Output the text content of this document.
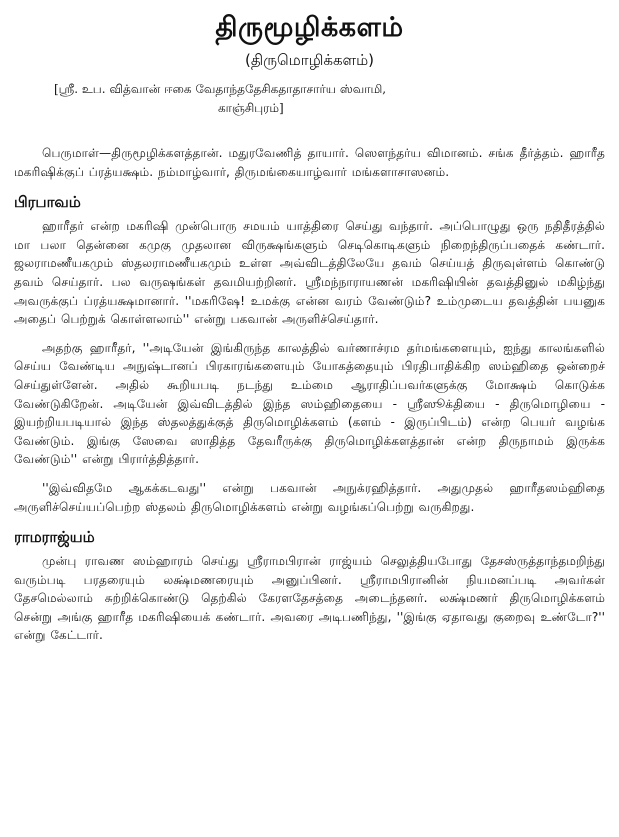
திருமூழிக்களம்
(திருமொழிக்களம்)
[ஸ்ரீ. உப. வித்வான் ஈகை வேதாந்ததேசிகதாதாசார்ய ஸ்வாமி,
காஞ்சிபுரம்]

பெருமாள்—திருமூழிக்களத்தான். மதுரவேணித் தாயார். ஸௌந்தர்ய விமானம். சங்க தீர்த்தம். ஹாரீத மகரிஷிக்குப் ப்ரத்யக்ஷம். நம்மாழ்வார், திருமங்கையாழ்வார் மங்களாசாஸனம்.

பிரபாவம்

ஹாரீதர் என்ற மகரிஷி முன்பொரு சமயம் யாத்திரை செய்து வந்தார். அப்பொழுது ஒரு நதிதீரத்தில் மா பலா தென்னை கமுகு முதலான விருக்ஷங்களும் செடிகொடிகளும் நிறைந்திருப்பதைக் கண்டார். ஜலராமணீயகமும் ஸ்தலராமணீயகமும் உள்ள அவ்விடத்திலேயே தவம் செய்யத் திருவுள்ளம் கொண்டு தவம் செய்தார். பல வருஷங்கள் தவமியற்றினர். ஸ்ரீமந்நாராயணன் மகரிஷியின் தவத்தினுல் மகிழ்ந்து அவருக்குப் ப்ரத்யக்ஷமானார். ''மகரிஷே! உமக்கு என்ன வரம் வேண்டும்? உம்முடைய தவத்தின் பயனுக அதைப் பெற்றுக் கொள்ளலாம்'' என்று பகவான் அருளிச்செய்தார்.

அதற்கு ஹாரீதர், ''அடியேன் இங்கிருந்த காலத்தில் வர்ணாச்ரம தர்மங்களையும், ஐந்து காலங்களில் செய்ய வேண்டிய அநுஷ்டானப் பிரகாரங்களையும் யோகத்தையும் பிரதிபாதிக்கிற ஸம்ஹிதை ஒன்றைச் செய்துள்ளேன். அதில் கூறியபடி நடந்து உம்மை ஆராதிப்பவர்களுக்கு மோக்ஷம் கொடுக்க வேண்டுகிறேன். அடியேன் இவ்விடத்தில் இந்த ஸம்ஹிதையை - ஸ்ரீஸூக்தியை - திருமொழியை - இயற்றியபடியால் இந்த ஸ்தலத்துக்குத் திருமொழிக்களம் (களம் - இருப்பிடம்) என்ற பெயர் வழங்க வேண்டும். இங்கு ஸேவை ஸாதித்த தேவரீருக்கு திருமொழிக்களத்தான் என்ற திருநாமம் இருக்க வேண்டும்'' என்று பிரார்த்தித்தார்.

''இவ்விதமே ஆகக்கடவது'' என்று பகவான் அநுக்ரஹித்தார். அதுமுதல் ஹாரீதஸம்ஹிதை அருளிச்செய்யப்பெற்ற ஸ்தலம் திருமொழிக்களம் என்று வழங்கப்பெற்று வருகிறது.

ராமராஜ்யம்

முன்பு ராவண ஸம்ஹாரம் செய்து ஸ்ரீராமபிரான் ராஜ்யம் செலுத்தியபோது தேசஸ்ருத்தாந்தமறிந்து வரும்படி பரதரையும் லக்ஷ்மணரையும் அனுப்பினர். ஸ்ரீராமபிரானின் நியமனப்படி அவர்கள் தேசமெல்லாம் சுற்றிக்கொண்டு தெற்கில் கேரளதேசத்தை அடைந்தனர். லக்ஷ்மணர் திருமொழிக்களம் சென்று அங்கு ஹாரீத மகரிஷியைக் கண்டார். அவரை அடிபணிந்து, ''இங்கு ஏதாவது குறைவு உண்டோ?'' என்று கேட்டார்.
